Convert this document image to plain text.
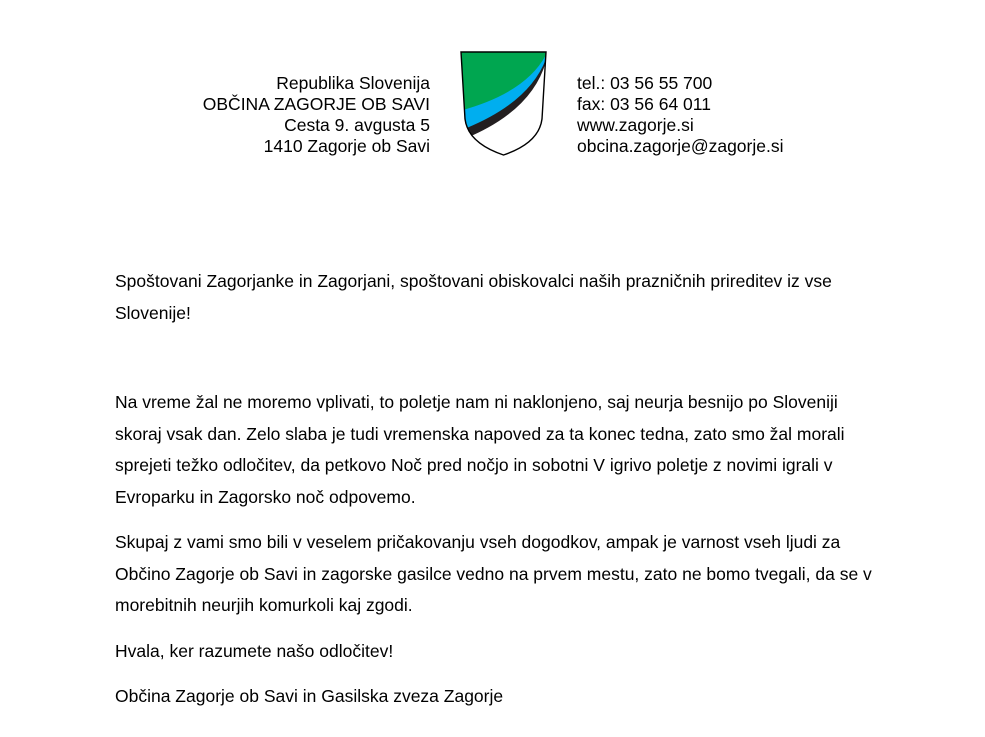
Republika Slovenija
OBČINA ZAGORJE OB SAVI
Cesta 9. avgusta 5
1410 Zagorje ob Savi
tel.: 03 56 55 700
fax: 03 56 64 011
www.zagorje.si
obcina.zagorje@zagorje.si

Spoštovani Zagorjanke in Zagorjani, spoštovani obiskovalci naših prazničnih prireditev iz vse Slovenije!

Na vreme žal ne moremo vplivati, to poletje nam ni naklonjeno, saj neurja besnijo po Sloveniji skoraj vsak dan. Zelo slaba je tudi vremenska napoved za ta konec tedna, zato smo žal morali sprejeti težko odločitev, da petkovo Noč pred nočjo in sobotni V igrivo poletje z novimi igrali v Evroparku in Zagorsko noč odpovemo.

Skupaj z vami smo bili v veselem pričakovanju vseh dogodkov, ampak je varnost vseh ljudi za Občino Zagorje ob Savi in zagorske gasilce vedno na prvem mestu, zato ne bomo tvegali, da se v morebitnih neurjih komurkoli kaj zgodi.

Hvala, ker razumete našo odločitev!

Občina Zagorje ob Savi in Gasilska zveza Zagorje
